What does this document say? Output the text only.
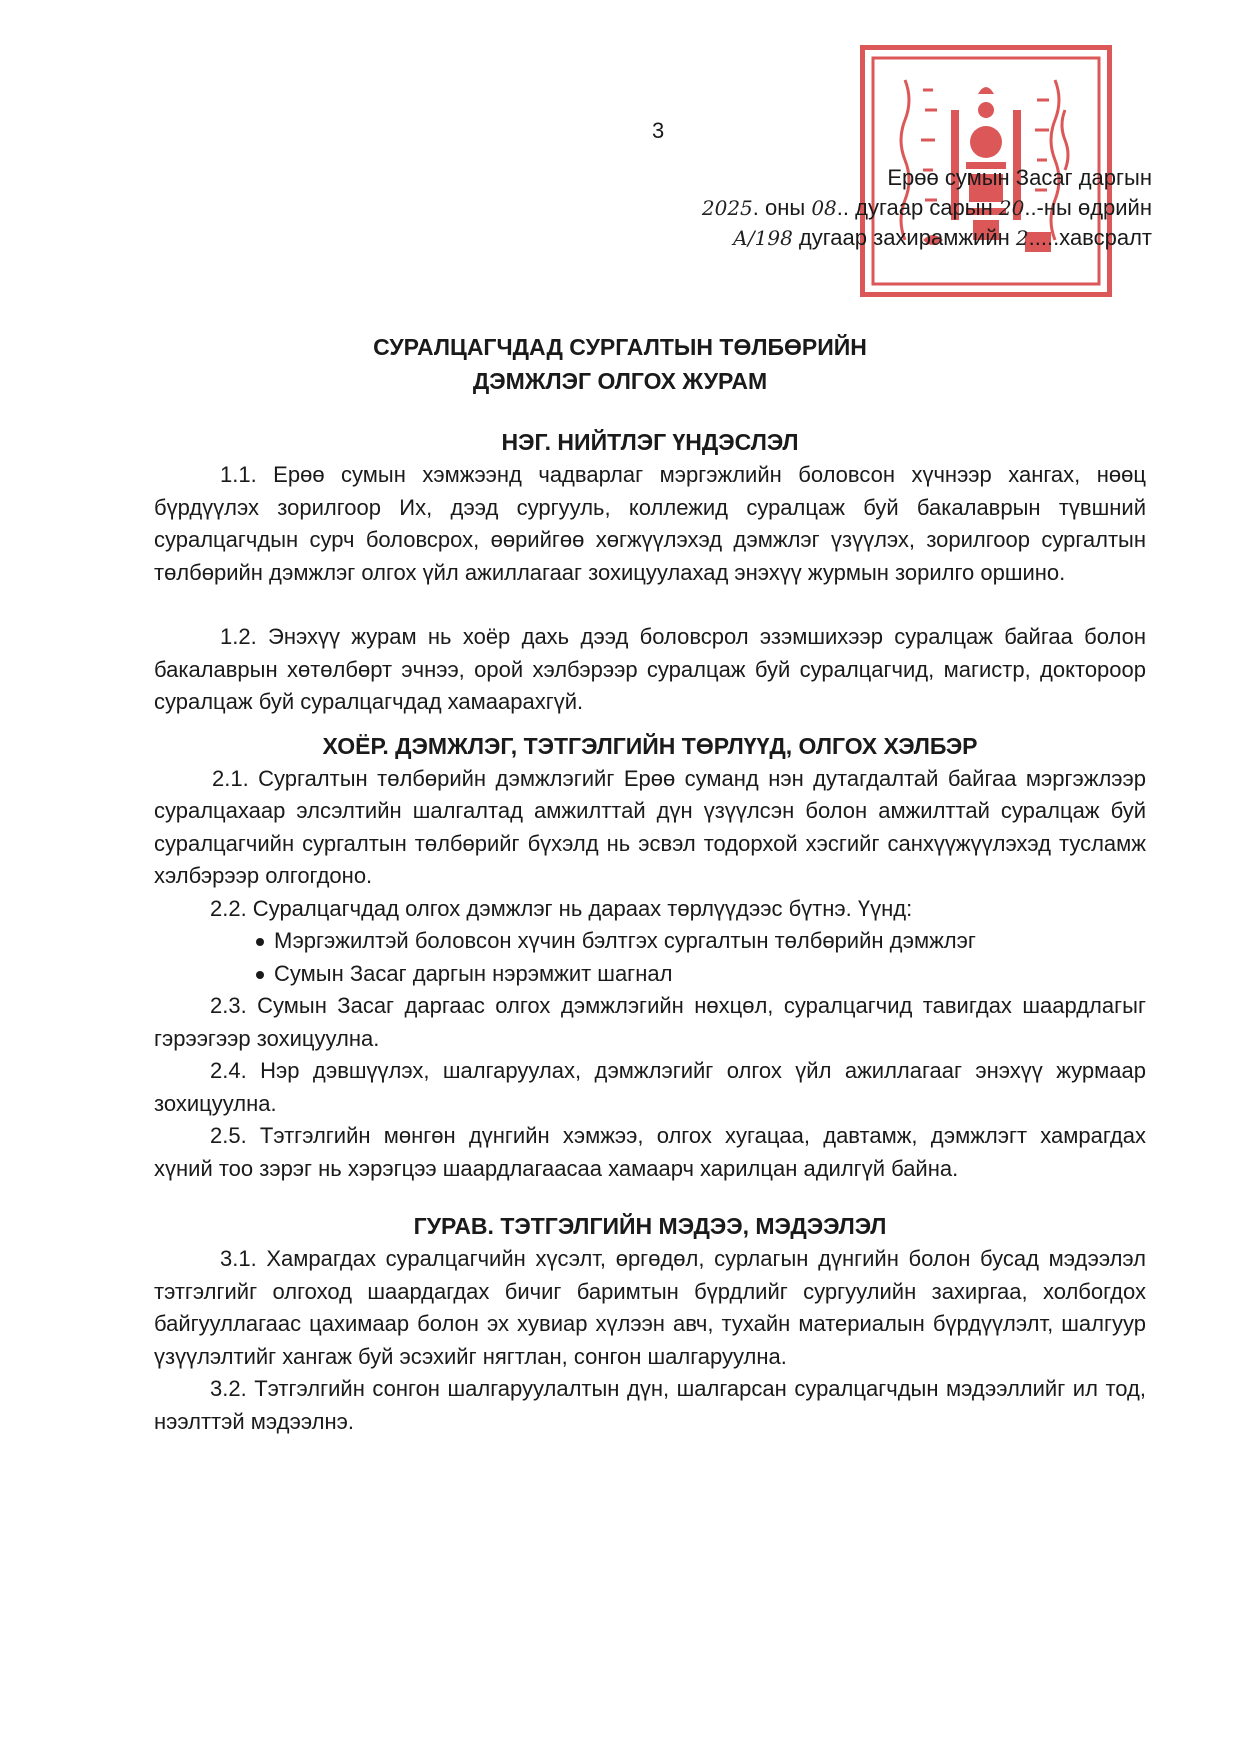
3
Ерөө сумын Засаг даргын
2025. оны 08.. дугаар сарын 20..-ны өдрийн
А/198 дугаар захирамжийн 2.....хавсралт
СУРАЛЦАГЧДАД СУРГАЛТЫН ТӨЛБӨРИЙН
ДЭМЖЛЭГ ОЛГОХ ЖУРАМ
НЭГ. НИЙТЛЭГ ҮНДЭСЛЭЛ

1.1. Ерөө сумын хэмжээнд чадварлаг мэргэжлийн боловсон хүчнээр хангах, нөөц бүрдүүлэх зорилгоор Их, дээд сургууль, коллежид суралцаж буй бакалаврын түвшний суралцагчдын сурч боловсрох, өөрийгөө хөгжүүлэхэд дэмжлэг үзүүлэх, зорилгоор сургалтын төлбөрийн дэмжлэг олгох үйл ажиллагааг зохицуулахад энэхүү журмын зорилго оршино.

1.2. Энэхүү журам нь хоёр дахь дээд боловсрол эзэмшихээр суралцаж байгаа болон бакалаврын хөтөлбөрт эчнээ, орой хэлбэрээр суралцаж буй суралцагчид, магистр, доктороор суралцаж буй суралцагчдад хамаарахгүй.

ХОЁР. ДЭМЖЛЭГ, ТЭТГЭЛГИЙН ТӨРЛҮҮД, ОЛГОХ ХЭЛБЭР

2.1. Сургалтын төлбөрийн дэмжлэгийг Ерөө суманд нэн дутагдалтай байгаа мэргэжлээр суралцахаар элсэлтийн шалгалтад амжилттай дүн үзүүлсэн болон амжилттай суралцаж буй суралцагчийн сургалтын төлбөрийг бүхэлд нь эсвэл тодорхой хэсгийг санхүүжүүлэхэд тусламж хэлбэрээр олгогдоно.

2.2. Суралцагчдад олгох дэмжлэг нь дараах төрлүүдээс бүтнэ. Үүнд:

Мэргэжилтэй боловсон хүчин бэлтгэх сургалтын төлбөрийн дэмжлэг
Сумын Засаг даргын нэрэмжит шагнал

2.3. Сумын Засаг даргаас олгох дэмжлэгийн нөхцөл, суралцагчид тавигдах шаардлагыг гэрээгээр зохицуулна.

2.4. Нэр дэвшүүлэх, шалгаруулах, дэмжлэгийг олгох үйл ажиллагааг энэхүү журмаар зохицуулна.

2.5. Тэтгэлгийн мөнгөн дүнгийн хэмжээ, олгох хугацаа, давтамж, дэмжлэгт хамрагдах хүний тоо зэрэг нь хэрэгцээ шаардлагаасаа хамаарч харилцан адилгүй байна.

ГУРАВ. ТЭТГЭЛГИЙН МЭДЭЭ, МЭДЭЭЛЭЛ

3.1. Хамрагдах суралцагчийн хүсэлт, өргөдөл, сурлагын дүнгийн болон бусад мэдээлэл тэтгэлгийг олгоход шаардагдах бичиг баримтын бүрдлийг сургуулийн захиргаа, холбогдох байгууллагаас цахимаар болон эх хувиар хүлээн авч, тухайн материалын бүрдүүлэлт, шалгуур үзүүлэлтийг хангаж буй эсэхийг нягтлан, сонгон шалгаруулна.

3.2. Тэтгэлгийн сонгон шалгаруулалтын дүн, шалгарсан суралцагчдын мэдээллийг ил тод, нээлттэй мэдээлнэ.
